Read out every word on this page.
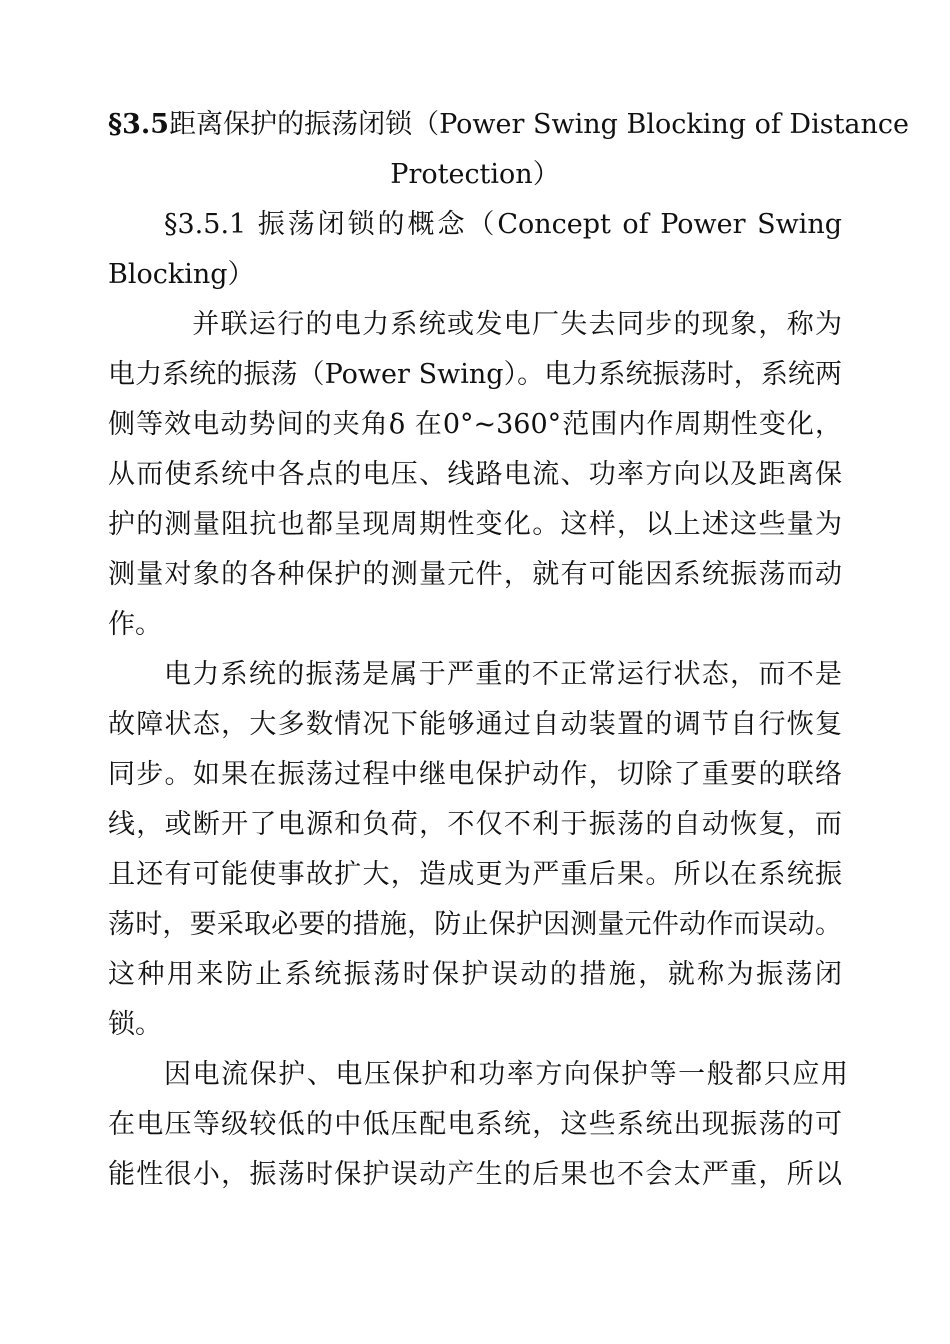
§3.5距离保护的振荡闭锁（Power Swing Blocking of Distance
Protection）
§3.5.1 振荡闭锁的概念（Concept of Power Swing
Blocking）
　并联运行的电力系统或发电厂失去同步的现象，称为
电力系统的振荡（Power Swing）。电力系统振荡时，系统两
侧等效电动势间的夹角δ 在0°~360°范围内作周期性变化，
从而使系统中各点的电压、线路电流、功率方向以及距离保
护的测量阻抗也都呈现周期性变化。这样，以上述这些量为
测量对象的各种保护的测量元件，就有可能因系统振荡而动
作。
电力系统的振荡是属于严重的不正常运行状态，而不是
故障状态，大多数情况下能够通过自动装置的调节自行恢复
同步。如果在振荡过程中继电保护动作，切除了重要的联络
线，或断开了电源和负荷，不仅不利于振荡的自动恢复，而
且还有可能使事故扩大，造成更为严重后果。所以在系统振
荡时，要采取必要的措施，防止保护因测量元件动作而误动。
这种用来防止系统振荡时保护误动的措施，就称为振荡闭
锁。
因电流保护、电压保护和功率方向保护等一般都只应用
在电压等级较低的中低压配电系统，这些系统出现振荡的可
能性很小，振荡时保护误动产生的后果也不会太严重，所以
